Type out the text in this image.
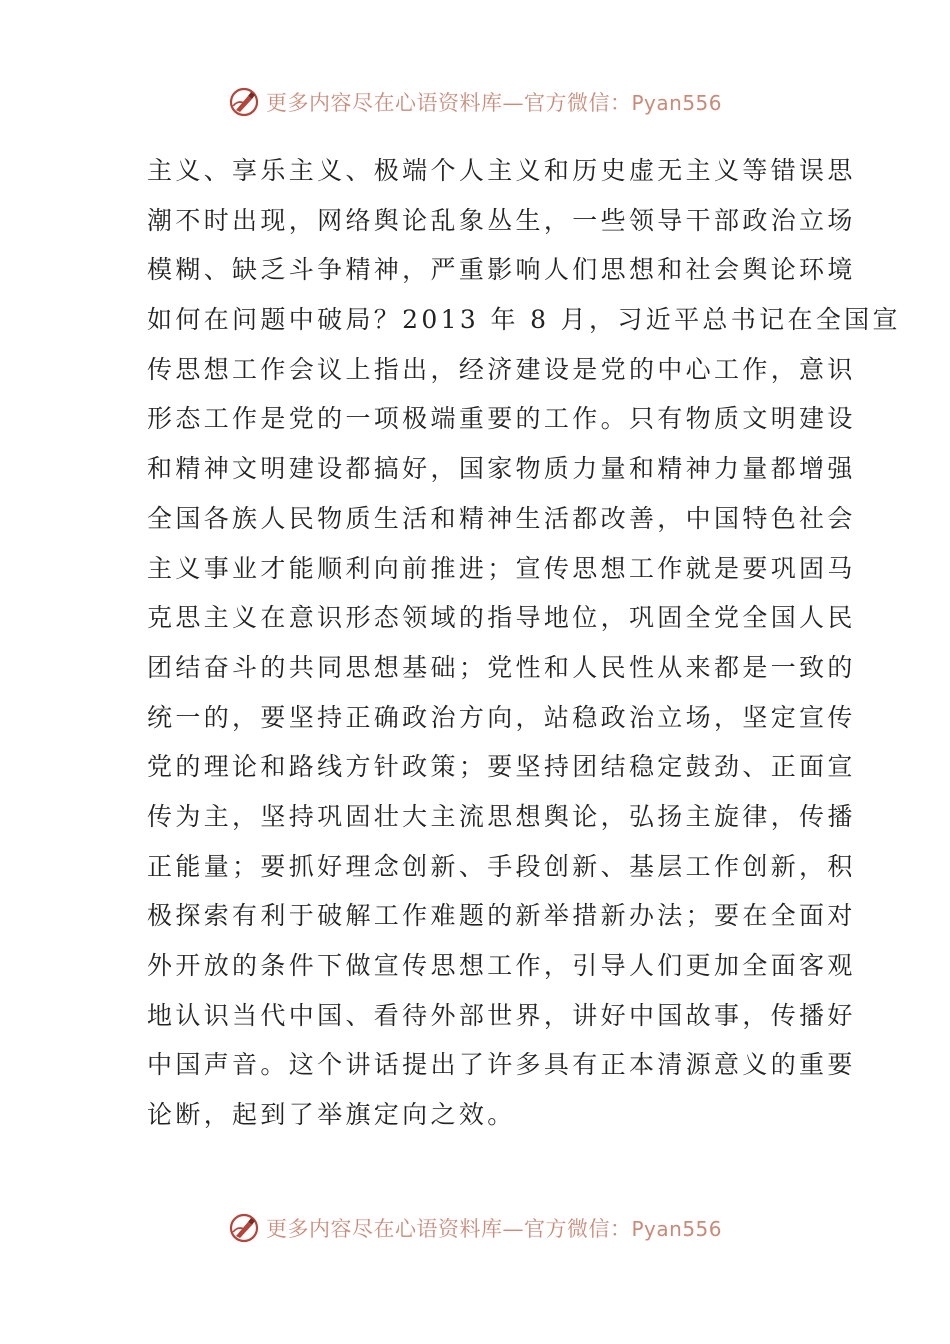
更多内容尽在心语资料库—官方微信：Pyan556
主义、享乐主义、极端个人主义和历史虚无主义等错误思
潮不时出现，网络舆论乱象丛生，一些领导干部政治立场
模糊、缺乏斗争精神，严重影响人们思想和社会舆论环境
如何在问题中破局？2013 年 8 月，习近平总书记在全国宣
传思想工作会议上指出，经济建设是党的中心工作，意识
形态工作是党的一项极端重要的工作。只有物质文明建设
和精神文明建设都搞好，国家物质力量和精神力量都增强
全国各族人民物质生活和精神生活都改善，中国特色社会
主义事业才能顺利向前推进；宣传思想工作就是要巩固马
克思主义在意识形态领域的指导地位，巩固全党全国人民
团结奋斗的共同思想基础；党性和人民性从来都是一致的
统一的，要坚持正确政治方向，站稳政治立场，坚定宣传
党的理论和路线方针政策；要坚持团结稳定鼓劲、正面宣
传为主，坚持巩固壮大主流思想舆论，弘扬主旋律，传播
正能量；要抓好理念创新、手段创新、基层工作创新，积
极探索有利于破解工作难题的新举措新办法；要在全面对
外开放的条件下做宣传思想工作，引导人们更加全面客观
地认识当代中国、看待外部世界，讲好中国故事，传播好
中国声音。这个讲话提出了许多具有正本清源意义的重要
论断，起到了举旗定向之效。
更多内容尽在心语资料库—官方微信：Pyan556
